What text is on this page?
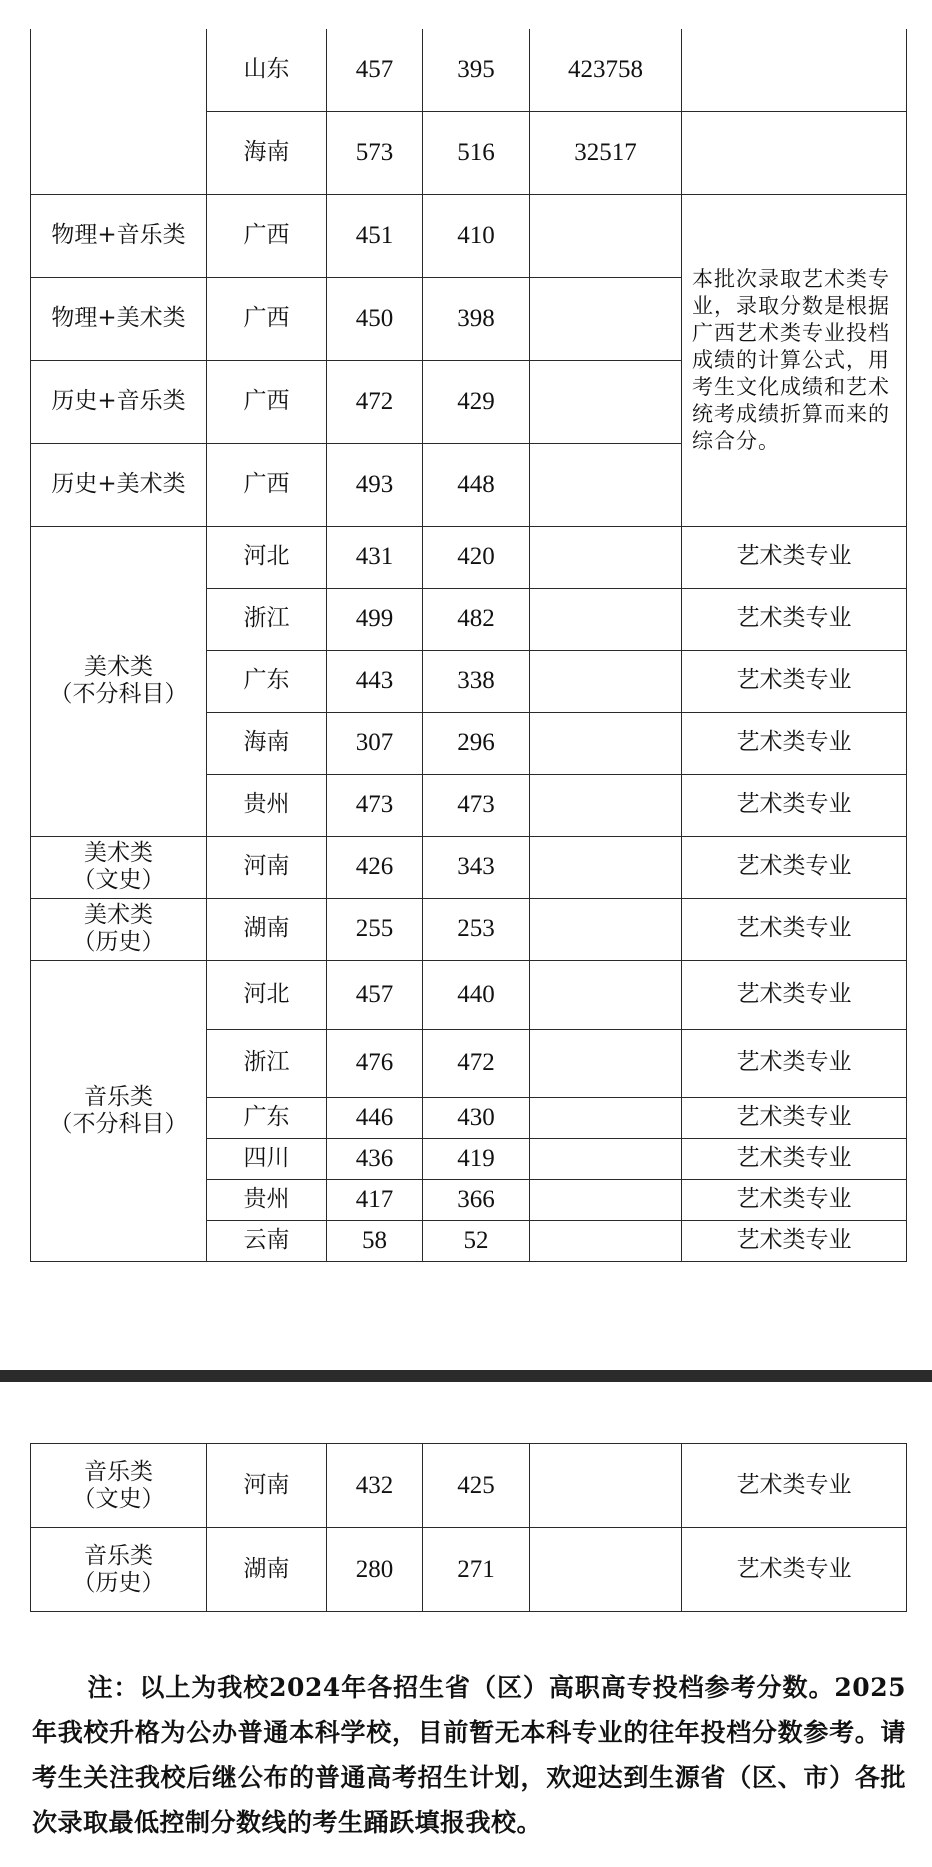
	山东	457	395	423758	
	海南	573	516	32517	
物理+音乐类	广西	451	410		本批次录取艺术类专业，录取分数是根据广西艺术类专业投档成绩的计算公式，用考生文化成绩和艺术统考成绩折算而来的综合分。
物理+美术类	广西	450	398		
历史+音乐类	广西	472	429		
历史+美术类	广西	493	448		
美术类
（不分科目）	河北	431	420		艺术类专业
	浙江	499	482		艺术类专业
	广东	443	338		艺术类专业
	海南	307	296		艺术类专业
	贵州	473	473		艺术类专业
美术类
（文史）	河南	426	343		艺术类专业
美术类
（历史）	湖南	255	253		艺术类专业
音乐类
（不分科目）	河北	457	440		艺术类专业
	浙江	476	472		艺术类专业
	广东	446	430		艺术类专业
	四川	436	419		艺术类专业
	贵州	417	366		艺术类专业
	云南	58	52		艺术类专业
音乐类
（文史）	河南	432	425		艺术类专业
音乐类
（历史）	湖南	280	271		艺术类专业

注：以上为我校2024年各招生省（区）高职高专投档参考分数。2025年我校升格为公办普通本科学校，目前暂无本科专业的往年投档分数参考。请考生关注我校后继公布的普通高考招生计划，欢迎达到生源省（区、市）各批次录取最低控制分数线的考生踊跃填报我校。
